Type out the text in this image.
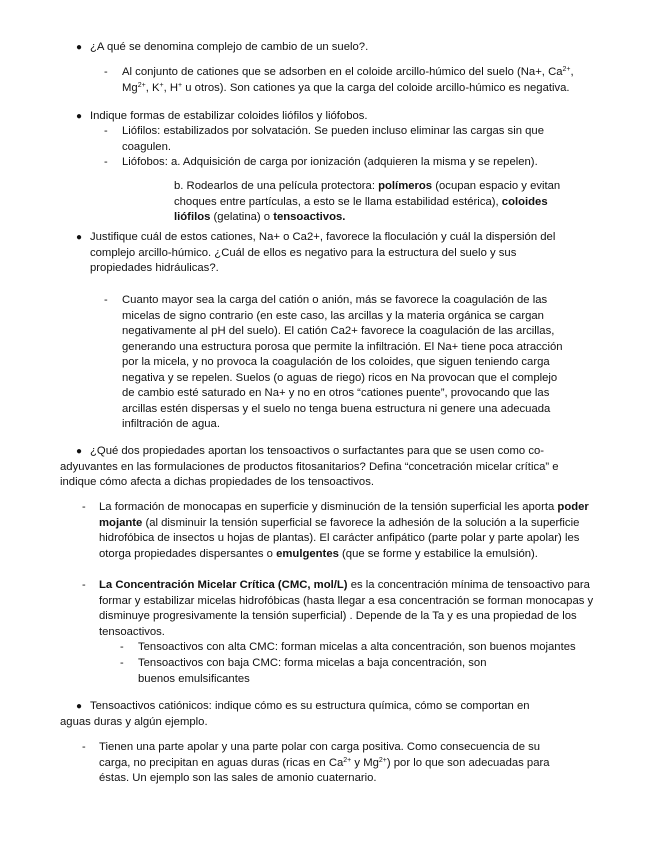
● ¿A qué se denomina complejo de cambio de un suelo?.

- Al conjunto de cationes que se adsorben en el coloide arcillo-húmico del suelo (Na+, $Ca^{2+}$, $Mg^{2+}$, K+, H+ u otros). Son cationes ya que la carga del coloide arcillo-húmico es negativa.

● Indique formas de estabilizar coloides liófilos y liófobos.

- Liófilos: estabilizados por solvatación. Se pueden incluso eliminar las cargas sin que coagulen.

- Liófobos: a. Adquisición de carga por ionización (adquieren la misma y se repelen).

b. Rodearlos de una película protectora: polímeros (ocupan espacio y evitan choques entre partículas, a esto se le llama estabilidad estérica), coloides liófilos (gelatina) o tensoactivos.

● Justifique cuál de estos cationes, Na+ o Ca2+, favorece la floculación y cuál la dispersión del complejo arcillo-húmico. ¿Cuál de ellos es negativo para la estructura del suelo y sus propiedades hidráulicas?.

- Cuanto mayor sea la carga del catión o anión, más se favorece la coagulación de las micelas de signo contrario (en este caso, las arcillas y la materia orgánica se cargan negativamente al pH del suelo). El catión Ca2+ favorece la coagulación de las arcillas, generando una estructura porosa que permite la infiltración. El Na+ tiene poca atracción por la micela, y no provoca la coagulación de los coloides, que siguen teniendo carga negativa y se repelen. Suelos (o aguas de riego) ricos en Na provocan que el complejo de cambio esté saturado en Na+ y no en otros “cationes puente”, provocando que las arcillas estén dispersas y el suelo no tenga buena estructura ni genere una adecuada infiltración de agua.

● ¿Qué dos propiedades aportan los tensoactivos o surfactantes para que se usen como co-adyuvantes en las formulaciones de productos fitosanitarios? Defina “concetración micelar crítica” e indique cómo afecta a dichas propiedades de los tensoactivos.

- La formación de monocapas en superficie y disminución de la tensión superficial les aporta poder mojante (al disminuir la tensión superficial se favorece la adhesión de la solución a la superficie hidrofóbica de insectos u hojas de plantas). El carácter anfipático (parte polar y parte apolar) les otorga propiedades dispersantes o emulgentes (que se forme y estabilice la emulsión).

- La Concentración Micelar Crítica (CMC, mol/L) es la concentración mínima de tensoactivo para formar y estabilizar micelas hidrofóbicas (hasta llegar a esa concentración se forman monocapas y disminuye progresivamente la tensión superficial) . Depende de la Ta y es una propiedad de los tensoactivos.

- Tensoactivos con alta CMC: forman micelas a alta concentración, son buenos mojantes

- Tensoactivos con baja CMC: forma micelas a baja concentración, son buenos emulsificantes

● Tensoactivos catiónicos: indique cómo es su estructura química, cómo se comportan en aguas duras y algún ejemplo.

- Tienen una parte apolar y una parte polar con carga positiva. Como consecuencia de su carga, no precipitan en aguas duras (ricas en $Ca^{2+}$ y $Mg^{2+}$) por lo que son adecuadas para éstas. Un ejemplo son las sales de amonio cuaternario.
